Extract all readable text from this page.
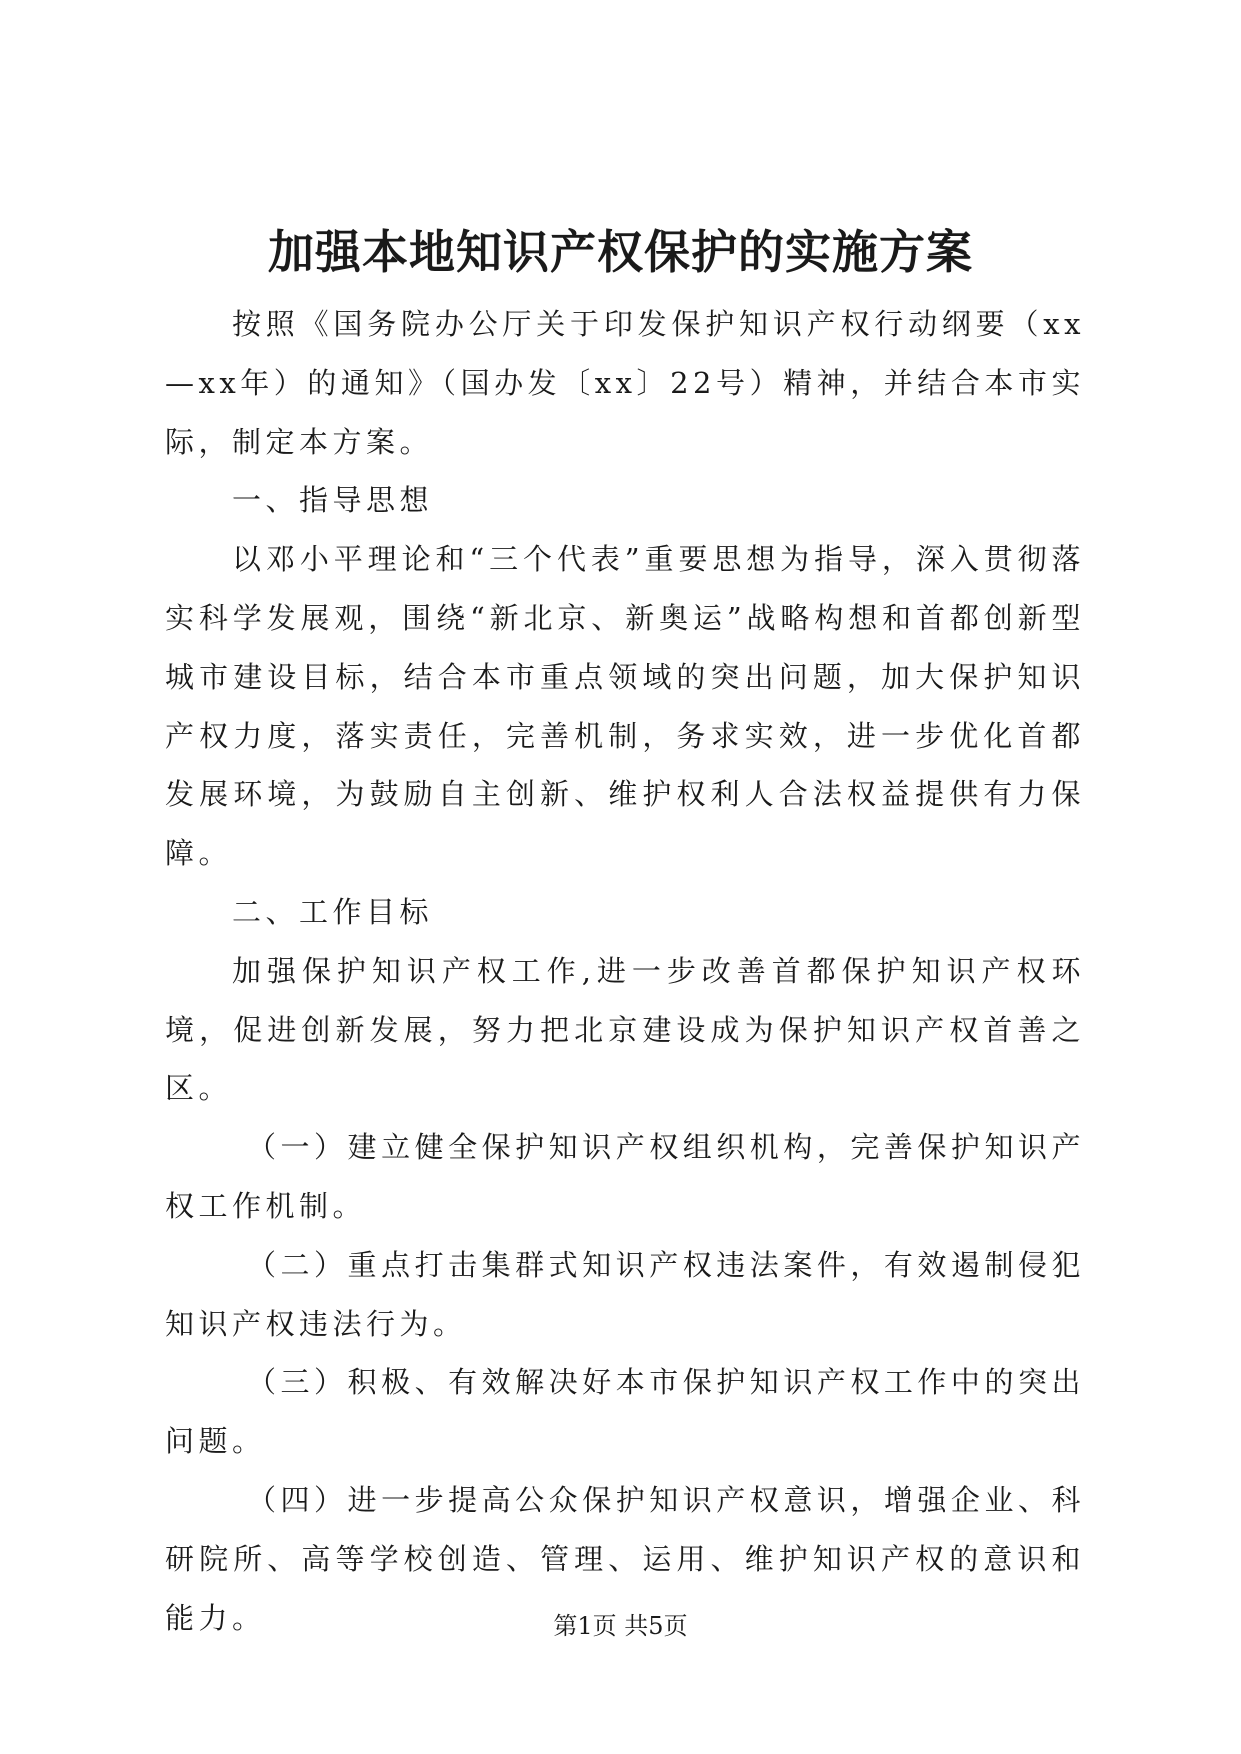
加强本地知识产权保护的实施方案

按照《国务院办公厅关于印发保护知识产权行动纲要（xx—xx年）的通知》（国办发〔xx〕22号）精神，并结合本市实际，制定本方案。

一、指导思想

以邓小平理论和“三个代表”重要思想为指导，深入贯彻落实科学发展观，围绕“新北京、新奥运”战略构想和首都创新型城市建设目标，结合本市重点领域的突出问题，加大保护知识产权力度，落实责任，完善机制，务求实效，进一步优化首都发展环境，为鼓励自主创新、维护权利人合法权益提供有力保障。

二、工作目标

加强保护知识产权工作,进一步改善首都保护知识产权环境，促进创新发展，努力把北京建设成为保护知识产权首善之区。

（一）建立健全保护知识产权组织机构，完善保护知识产权工作机制。

（二）重点打击集群式知识产权违法案件，有效遏制侵犯知识产权违法行为。

（三）积极、有效解决好本市保护知识产权工作中的突出问题。

（四）进一步提高公众保护知识产权意识，增强企业、科研院所、高等学校创造、管理、运用、维护知识产权的意识和能力。	第1页 共5页
